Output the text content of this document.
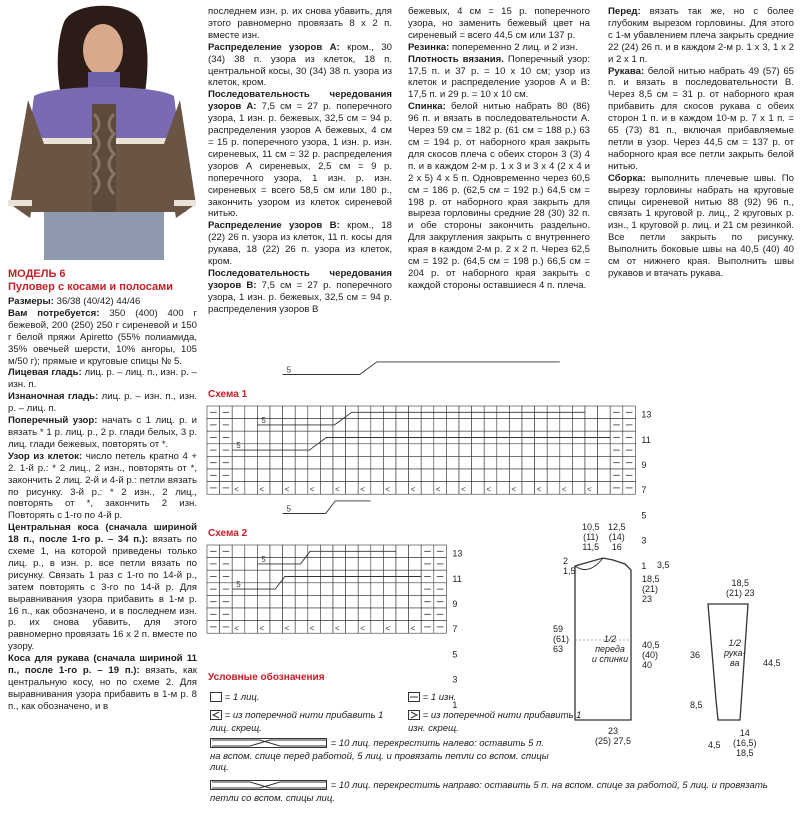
МОДЕЛЬ 6
Пуловер с косами и полосами

Размеры: 36/38 (40/42) 44/46

Вам потребуется: 350 (400) 400 г бежевой, 200 (250) 250 г сиреневой и 150 г белой пряжи Apiretto (55% полиамида, 35% овечьей шерсти, 10% ангоры, 105 м/50 г); прямые и круговые спицы № 5.

Лицевая гладь: лиц. р. – лиц. п., изн. р. – изн. п.

Изнаночная гладь: лиц. р. – изн. п., изн. р. – лиц. п.

Поперечный узор: начать с 1 лиц. р. и вязать * 1 р. лиц. р., 2 р. глади белых, 3 р. лиц. глади бежевых, повторять от *.

Узор из клеток: число петель кратно 4 + 2. 1-й р.: * 2 лиц., 2 изн., повторять от *, закончить 2 лиц. 2-й и 4-й р.: петли вязать по рисунку. 3-й р.: * 2 изн., 2 лиц., повторять от *, закончить 2 изн. Повторять с 1-го по 4-й р.

Центральная коса (сначала шириной 18 п., после 1-го р. – 34 п.): вязать по схеме 1, на которой приведены только лиц. р., в изн. р. все петли вязать по рисунку. Связать 1 раз с 1-го по 14-й р., затем повторять с 3-го по 14-й р. Для выравнивания узора прибавить в 1-м р. 16 п., как обозначено, и в последнем изн. р. их снова убавить, для этого равномерно провязать 16 х 2 п. вместе по узору.

Коса для рукава (сначала шириной 11 п., после 1-го р. – 19 п.): вязать, как центральную косу, но по схеме 2. Для выравнивания узора прибавить в 1-м р. 8 п., как обозначено, и в

последнем изн. р. их снова убавить, для этого равномерно провязать 8 х 2 п. вместе изн.

Распределение узоров А: кром., 30 (34) 38 п. узора из клеток, 18 п. центральной косы, 30 (34) 38 п. узора из клеток, кром.

Последовательность чередования узоров А: 7,5 см = 27 р. поперечного узора, 1 изн. р. бежевых, 32,5 см = 94 р. распределения узоров А бежевых, 4 см = 15 р. поперечного узора, 1 изн. р. изн. сиреневых, 11 см = 32 р. распределения узоров А сиреневых, 2,5 см = 9 р. поперечного узора, 1 изн. р. изн. сиреневых = всего 58,5 см или 180 р., закончить узором из клеток сиреневой нитью.

Распределение узоров В: кром., 18 (22) 26 п. узора из клеток, 11 п. косы для рукава, 18 (22) 26 п. узора из клеток, кром.

Последовательность чередования узоров В: 7,5 см = 27 р. поперечного узора, 1 изн. р. бежевых, 32,5 см = 94 р. распределения узоров В

бежевых, 4 см = 15 р. поперечного узора, но заменить бежевый цвет на сиреневый = всего 44,5 см или 137 р.

Резинка: попеременно 2 лиц. и 2 изн.

Плотность вязания. Поперечный узор: 17,5 п. и 37 р. = 10 х 10 см; узор из клеток и распределение узоров А и В: 17,5 п. и 29 р. = 10 х 10 см.

Спинка: белой нитью набрать 80 (86) 96 п. и вязать в последовательности А. Через 59 см = 182 р. (61 см = 188 р.) 63 см = 194 р. от наборного края закрыть для скосов плеча с обеих сторон 3 (3) 4 п. и в каждом 2-м р. 1 х 3 и 3 х 4 (2 х 4 и 2 х 5) 4 х 5 п. Одновременно через 60,5 см = 186 р. (62,5 см = 192 р.) 64,5 см = 198 р. от наборного края закрыть для выреза горловины средние 28 (30) 32 п. и обе стороны закончить раздельно. Для закругления закрыть с внутреннего края в каждом 2-м р. 2 х 2 п. Через 62,5 см = 192 р. (64,5 см = 198 р.) 66,5 см = 204 р. от наборного края закрыть с каждой стороны оставшиеся 4 п. плеча.

Перед: вязать так же, но с более глубоким вырезом горловины. Для этого с 1-м убавлением плеча закрыть средние 22 (24) 26 п. и в каждом 2-м р. 1 х 3, 1 х 2 и 2 х 1 п.

Рукава: белой нитью набрать 49 (57) 65 п. и вязать в последовательности В. Через 8,5 см = 31 р. от наборного края прибавить для скосов рукава с обеих сторон 1 п. и в каждом 10-м р. 7 х 1 п. = 65 (73) 81 п., включая прибавляемые петли в узор. Через 44,5 см = 137 р. от наборного края все петли закрыть белой нитью.

Сборка: выполнить плечевые швы. По вырезу горловины набрать на круговые спицы сиреневой нитью 88 (92) 96 п., связать 1 круговой р. лиц., 2 круговых р. изн., 1 круговой р. лиц. и 21 см резинкой. Все петли закрыть по рисунку. Выполнить боковые швы на 40,5 (40) 40 см от нижнего края. Выполнить швы рукавов и втачать рукава.

Схема 1
<	<	<	<	<	<	<	<	<	<	<	<	<	<	<
5
5
5
13
11
9
7
5
3
1
Схема 2
<	<	<	<	<	<	<	<
5
5
5
13
11
9
7
5
3
1
10,5
(11)
11,5
12,5
(14)
16
2
1,5
3,5
18,5
(21)
23
59
(61)
63	40,5
(40)
40
1/2
переда
и спинки
23
(25) 27,5
18,5
(21) 23
36
44,5
8,5
4,5
14
(16,5)
18,5
1/2
рука-
ва
Условные обозначения
= 1 лиц.	= 1 изн.
= из поперечной нити прибавить 1 лиц. скрещ.
= из поперечной нити прибавить 1 изн. скрещ.
= 10 лиц. перекрестить налево: оставить 5 п. на вспом. спице перед работой, 5 лиц. и провязать петли со вспом. спицы лиц.
= 10 лиц. перекрестить направо: оставить 5 п. на вспом. спице за работой, 5 лиц. и провязать петли со вспом. спицы лиц.
